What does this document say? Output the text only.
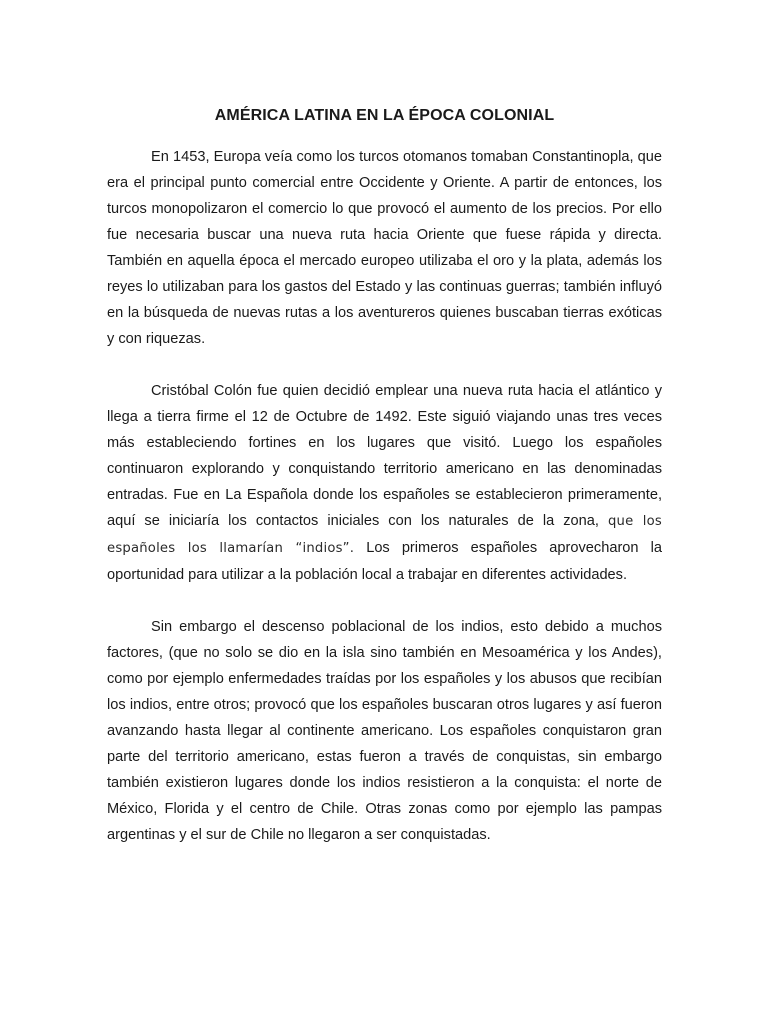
AMÉRICA LATINA EN LA ÉPOCA COLONIAL

En 1453, Europa veía como los turcos otomanos tomaban Constantinopla, que era el principal punto comercial entre Occidente y Oriente. A partir de entonces, los turcos monopolizaron el comercio lo que provocó el aumento de los precios. Por ello fue necesaria buscar una nueva ruta hacia Oriente que fuese rápida y directa. También en aquella época el mercado europeo utilizaba el oro y la plata, además los reyes lo utilizaban para los gastos del Estado y las continuas guerras; también influyó en la búsqueda de nuevas rutas a los aventureros quienes buscaban tierras exóticas y con riquezas.

Cristóbal Colón fue quien decidió emplear una nueva ruta hacia el atlántico y llega a tierra firme el 12 de Octubre de 1492. Este siguió viajando unas tres veces más estableciendo fortines en los lugares que visitó. Luego los españoles continuaron explorando y conquistando territorio americano en las denominadas entradas. Fue en La Española donde los españoles se establecieron primeramente, aquí se iniciaría los contactos iniciales con los naturales de la zona, que los españoles los llamarían “indios”. Los primeros españoles aprovecharon la oportunidad para utilizar a la población local a trabajar en diferentes actividades.

Sin embargo el descenso poblacional de los indios, esto debido a muchos factores, (que no solo se dio en la isla sino también en Mesoamérica y los Andes), como por ejemplo enfermedades traídas por los españoles y los abusos que recibían los indios, entre otros; provocó que los españoles buscaran otros lugares y así fueron avanzando hasta llegar al continente americano. Los españoles conquistaron gran parte del territorio americano, estas fueron a través de conquistas, sin embargo también existieron lugares donde los indios resistieron a la conquista: el norte de México, Florida y el centro de Chile. Otras zonas como por ejemplo las pampas argentinas y el sur de Chile no llegaron a ser conquistadas.
